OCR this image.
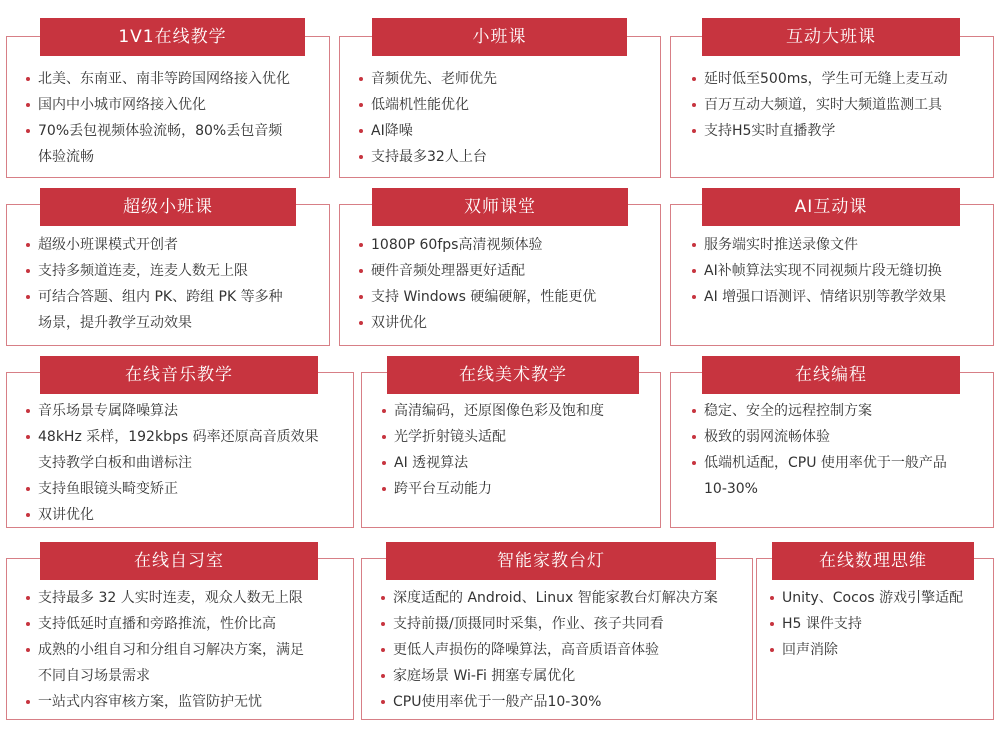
1V1在线教学
北美、东南亚、南非等跨国网络接入优化
国内中小城市网络接入优化
70%丢包视频体验流畅，80%丢包音频
体验流畅
小班课
音频优先、老师优先
低端机性能优化
AI降噪
支持最多32人上台
互动大班课
延时低至500ms，学生可无缝上麦互动
百万互动大频道，实时大频道监测工具
支持H5实时直播教学
超级小班课
超级小班课模式开创者
支持多频道连麦，连麦人数无上限
可结合答题、组内 PK、跨组 PK 等多种
场景，提升教学互动效果
双师课堂
1080P 60fps高清视频体验
硬件音频处理器更好适配
支持 Windows 硬编硬解，性能更优
双讲优化
AI互动课
服务端实时推送录像文件
AI补帧算法实现不同视频片段无缝切换
AI 增强口语测评、情绪识别等教学效果
在线音乐教学
音乐场景专属降噪算法
48kHz 采样，192kbps 码率还原高音质效果
支持教学白板和曲谱标注
支持鱼眼镜头畸变矫正
双讲优化
在线美术教学
高清编码，还原图像色彩及饱和度
光学折射镜头适配
AI 透视算法
跨平台互动能力
在线编程
稳定、安全的远程控制方案
极致的弱网流畅体验
低端机适配，CPU 使用率优于一般产品
10-30%
在线自习室
支持最多 32 人实时连麦，观众人数无上限
支持低延时直播和旁路推流，性价比高
成熟的小组自习和分组自习解决方案，满足
不同自习场景需求
一站式内容审核方案，监管防护无忧
智能家教台灯
深度适配的 Android、Linux 智能家教台灯解决方案
支持前摄/顶摄同时采集，作业、孩子共同看
更低人声损伤的降噪算法，高音质语音体验
家庭场景 Wi-Fi 拥塞专属优化
CPU使用率优于一般产品10-30%
在线数理思维
Unity、Cocos 游戏引擎适配
H5 课件支持
回声消除
